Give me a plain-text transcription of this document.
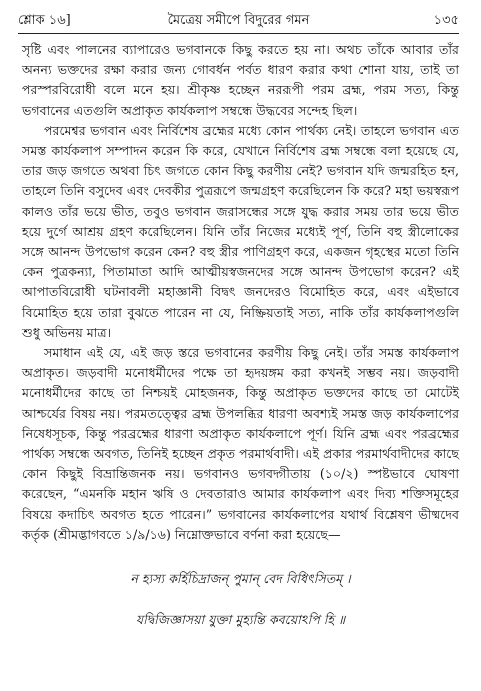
শ্লোক ১৬]	মৈত্রেয় সমীপে বিদুরের গমন	১৩৫

সৃষ্টি এবং পালনের ব্যাপারেও ভগবানকে কিছু করতে হয় না। অথচ তাঁকে আবার তাঁর অনন্য ভক্তদের রক্ষা করার জন্য গোবর্ধন পর্বত ধারণ করার কথা শোনা যায়, তাই তা পরস্পরবিরোধী বলে মনে হয়। শ্রীকৃষ্ণ হচ্ছেন নররূপী পরম ব্রহ্ম, পরম সত্য, কিন্তু ভগবানের এতগুলি অপ্রাকৃত কার্যকলাপ সম্বন্ধে উদ্ধবের সন্দেহ ছিল।

পরমেশ্বর ভগবান এবং নির্বিশেষ ব্রহ্মের মধ্যে কোন পার্থক্য নেই। তাহলে ভগবান এত সমস্ত কার্যকলাপ সম্পাদন করেন কি করে, যেখানে নির্বিশেষ ব্রহ্ম সম্বন্ধে বলা হয়েছে যে, তার জড় জগতে অথবা চিৎ জগতে কোন কিছু করণীয় নেই? ভগবান যদি জন্মরহিত হন, তাহলে তিনি বসুদেব এবং দেবকীর পুত্ররূপে জন্মগ্রহণ করেছিলেন কি করে? মহা ভয়স্বরূপ কালও তাঁর ভয়ে ভীত, তবুও ভগবান জরাসন্ধের সঙ্গে যুদ্ধ করার সময় তার ভয়ে ভীত হয়ে দুর্গে আশ্রয় গ্রহণ করেছিলেন। যিনি তাঁর নিজের মধ্যেই পূর্ণ, তিনি বহু স্ত্রীলোকের সঙ্গে আনন্দ উপভোগ করেন কেন? বহু স্ত্রীর পাণিগ্রহণ করে, একজন গৃহস্থের মতো তিনি কেন পুত্রকন্যা, পিতামাতা আদি আত্মীয়স্বজনদের সঙ্গে আনন্দ উপভোগ করেন? এই আপাতবিরোধী ঘটনাবলী মহাজ্ঞানী বিদ্বৎ জনদেরও বিমোহিত করে, এবং এইভাবে বিমোহিত হয়ে তারা বুঝতে পারেন না যে, নিষ্ক্রিয়তাই সত্য, নাকি তাঁর কার্যকলাপগুলি শুধু অভিনয় মাত্র।

সমাধান এই যে, এই জড় স্তরে ভগবানের করণীয় কিছু নেই। তাঁর সমস্ত কার্যকলাপ অপ্রাকৃত। জড়বাদী মনোধর্মীদের পক্ষে তা হৃদয়ঙ্গম করা কখনই সম্ভব নয়। জড়বাদী মনোধর্মীদের কাছে তা নিশ্চয়ই মোহজনক, কিন্তু অপ্রাকৃত ভক্তদের কাছে তা মোটেই আশ্চর্যের বিষয় নয়। পরমতত্ত্বের ব্রহ্ম উপলব্ধির ধারণা অবশ্যই সমস্ত জড় কার্যকলাপের নিষেধসূচক, কিন্তু পরব্রহ্মের ধারণা অপ্রাকৃত কার্যকলাপে পূর্ণ। যিনি ব্রহ্ম এবং পরব্রহ্মের পার্থক্য সম্বন্ধে অবগত, তিনিই হচ্ছেন প্রকৃত পরমার্থবাদী। এই প্রকার পরমার্থবাদীদের কাছে কোন কিছুই বিভ্রান্তিজনক নয়। ভগবানও ভগবদ্গীতায় (১০/২) স্পষ্টভাবে ঘোষণা করেছেন, “এমনকি মহান ঋষি ও দেবতারাও আমার কার্যকলাপ এবং দিব্য শক্তিসমূহের বিষয়ে কদাচিৎ অবগত হতে পারেন।” ভগবানের কার্যকলাপের যথার্থ বিশ্লেষণ ভীষ্মদেব কর্তৃক (শ্রীমদ্ভাগবতে ১/৯/১৬) নিম্নোক্তভাবে বর্ণনা করা হয়েছে—

ন হ্যস্য কর্হিচিদ্রাজন্ পুমান্ বেদ বিধিৎসিতম্ ।

যদ্বিজিজ্ঞাসয়া যুক্তা মুহ্যন্তি কবয়োঽপি হি ॥
